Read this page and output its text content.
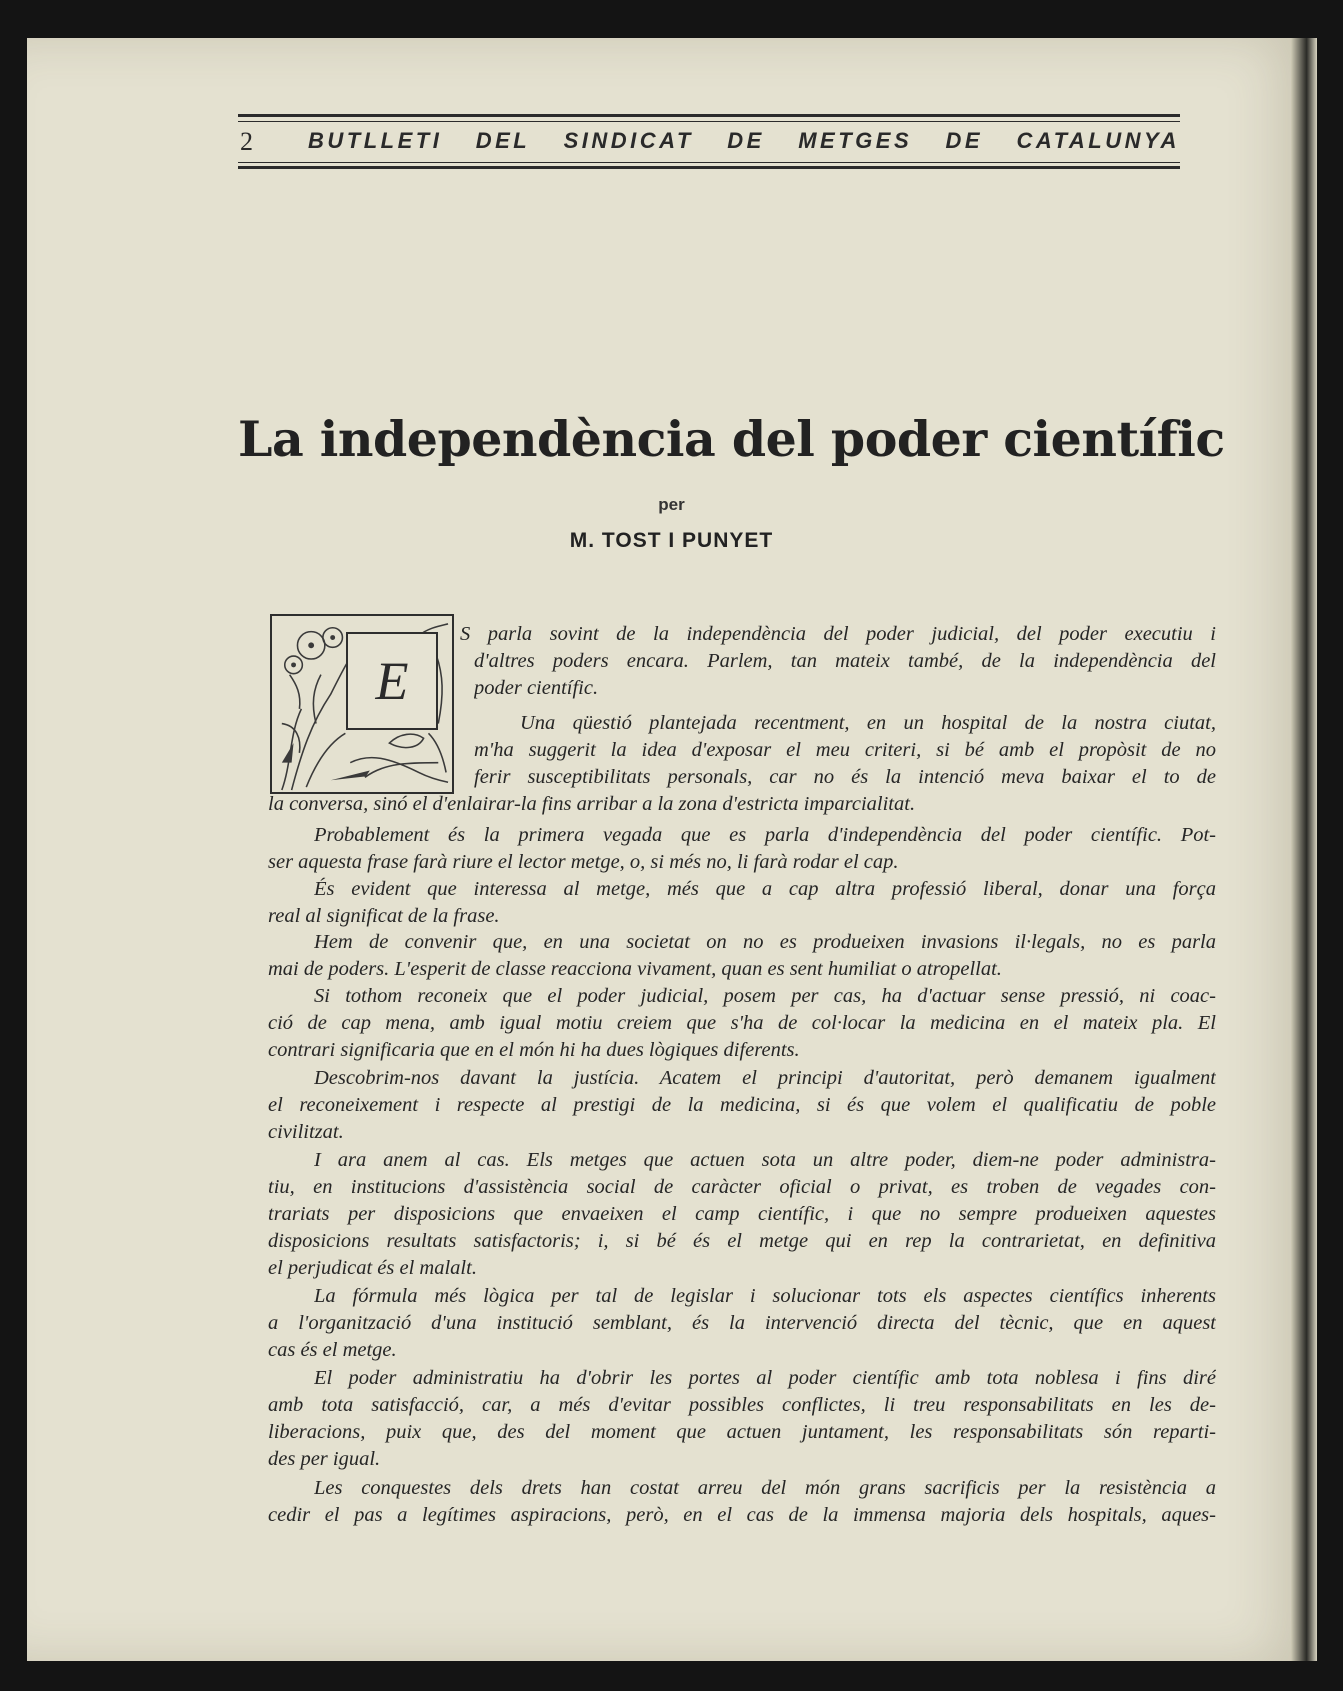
2	BUTLLETI DEL SINDICAT DE METGES DE CATALUNYA
La independència del poder científic
per
M. TOST I PUNYET
E

S parla sovint de la independència del poder judicial, del poder executiu i

d'altres poders encara. Parlem, tan mateix també, de la independència del

poder científic.

Una qüestió plantejada recentment, en un hospital de la nostra ciutat,

m'ha suggerit la idea d'exposar el meu criteri, si bé amb el propòsit de no

ferir susceptibilitats personals, car no és la intenció meva baixar el to de

la conversa, sinó el d'enlairar-la fins arribar a la zona d'estricta imparcialitat.

Probablement és la primera vegada que es parla d'independència del poder científic. Pot-

ser aquesta frase farà riure el lector metge, o, si més no, li farà rodar el cap.

És evident que interessa al metge, més que a cap altra professió liberal, donar una força

real al significat de la frase.

Hem de convenir que, en una societat on no es produeixen invasions il·legals, no es parla

mai de poders. L'esperit de classe reacciona vivament, quan es sent humiliat o atropellat.

Si tothom reconeix que el poder judicial, posem per cas, ha d'actuar sense pressió, ni coac-

ció de cap mena, amb igual motiu creiem que s'ha de col·locar la medicina en el mateix pla. El

contrari significaria que en el món hi ha dues lògiques diferents.

Descobrim-nos davant la justícia. Acatem el principi d'autoritat, però demanem igualment

el reconeixement i respecte al prestigi de la medicina, si és que volem el qualificatiu de poble

civilitzat.

I ara anem al cas. Els metges que actuen sota un altre poder, diem-ne poder administra-

tiu, en institucions d'assistència social de caràcter oficial o privat, es troben de vegades con-

trariats per disposicions que envaeixen el camp científic, i que no sempre produeixen aquestes

disposicions resultats satisfactoris; i, si bé és el metge qui en rep la contrarietat, en definitiva

el perjudicat és el malalt.

La fórmula més lògica per tal de legislar i solucionar tots els aspectes científics inherents

a l'organització d'una institució semblant, és la intervenció directa del tècnic, que en aquest

cas és el metge.

El poder administratiu ha d'obrir les portes al poder científic amb tota noblesa i fins diré

amb tota satisfacció, car, a més d'evitar possibles conflictes, li treu responsabilitats en les de-

liberacions, puix que, des del moment que actuen juntament, les responsabilitats són reparti-

des per igual.

Les conquestes dels drets han costat arreu del món grans sacrificis per la resistència a

cedir el pas a legítimes aspiracions, però, en el cas de la immensa majoria dels hospitals, aques-
